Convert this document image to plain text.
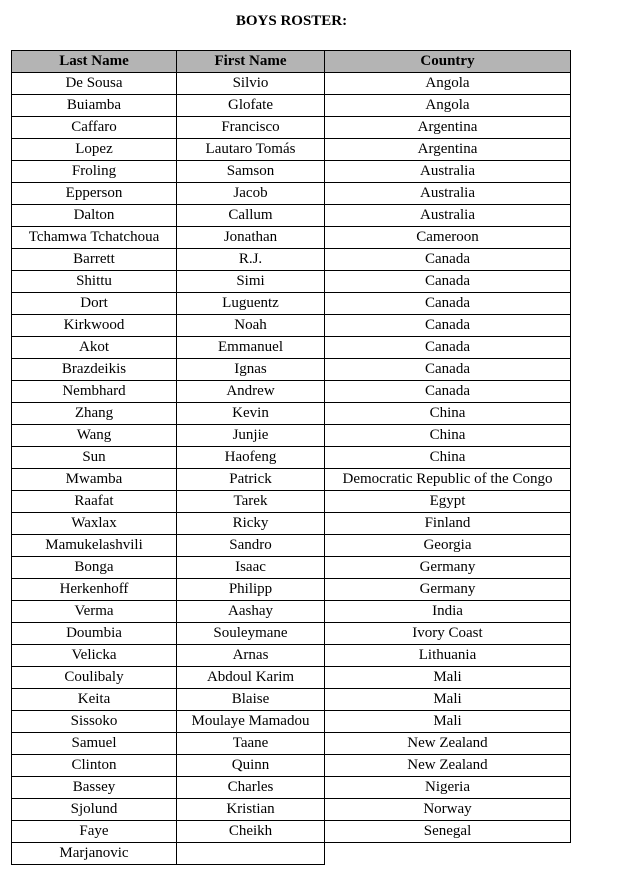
BOYS ROSTER:
Last Name	First Name	Country
De Sousa	Silvio	Angola
Buiamba	Glofate	Angola
Caffaro	Francisco	Argentina
Lopez	Lautaro Tomás	Argentina
Froling	Samson	Australia
Epperson	Jacob	Australia
Dalton	Callum	Australia
Tchamwa Tchatchoua	Jonathan	Cameroon
Barrett	R.J.	Canada
Shittu	Simi	Canada
Dort	Luguentz	Canada
Kirkwood	Noah	Canada
Akot	Emmanuel	Canada
Brazdeikis	Ignas	Canada
Nembhard	Andrew	Canada
Zhang	Kevin	China
Wang	Junjie	China
Sun	Haofeng	China
Mwamba	Patrick	Democratic Republic of the Congo
Raafat	Tarek	Egypt
Waxlax	Ricky	Finland
Mamukelashvili	Sandro	Georgia
Bonga	Isaac	Germany
Herkenhoff	Philipp	Germany
Verma	Aashay	India
Doumbia	Souleymane	Ivory Coast
Velicka	Arnas	Lithuania
Coulibaly	Abdoul Karim	Mali
Keita	Blaise	Mali
Sissoko	Moulaye Mamadou	Mali
Samuel	Taane	New Zealand
Clinton	Quinn	New Zealand
Bassey	Charles	Nigeria
Sjolund	Kristian	Norway
Faye	Cheikh	Senegal
Marjanovic		
